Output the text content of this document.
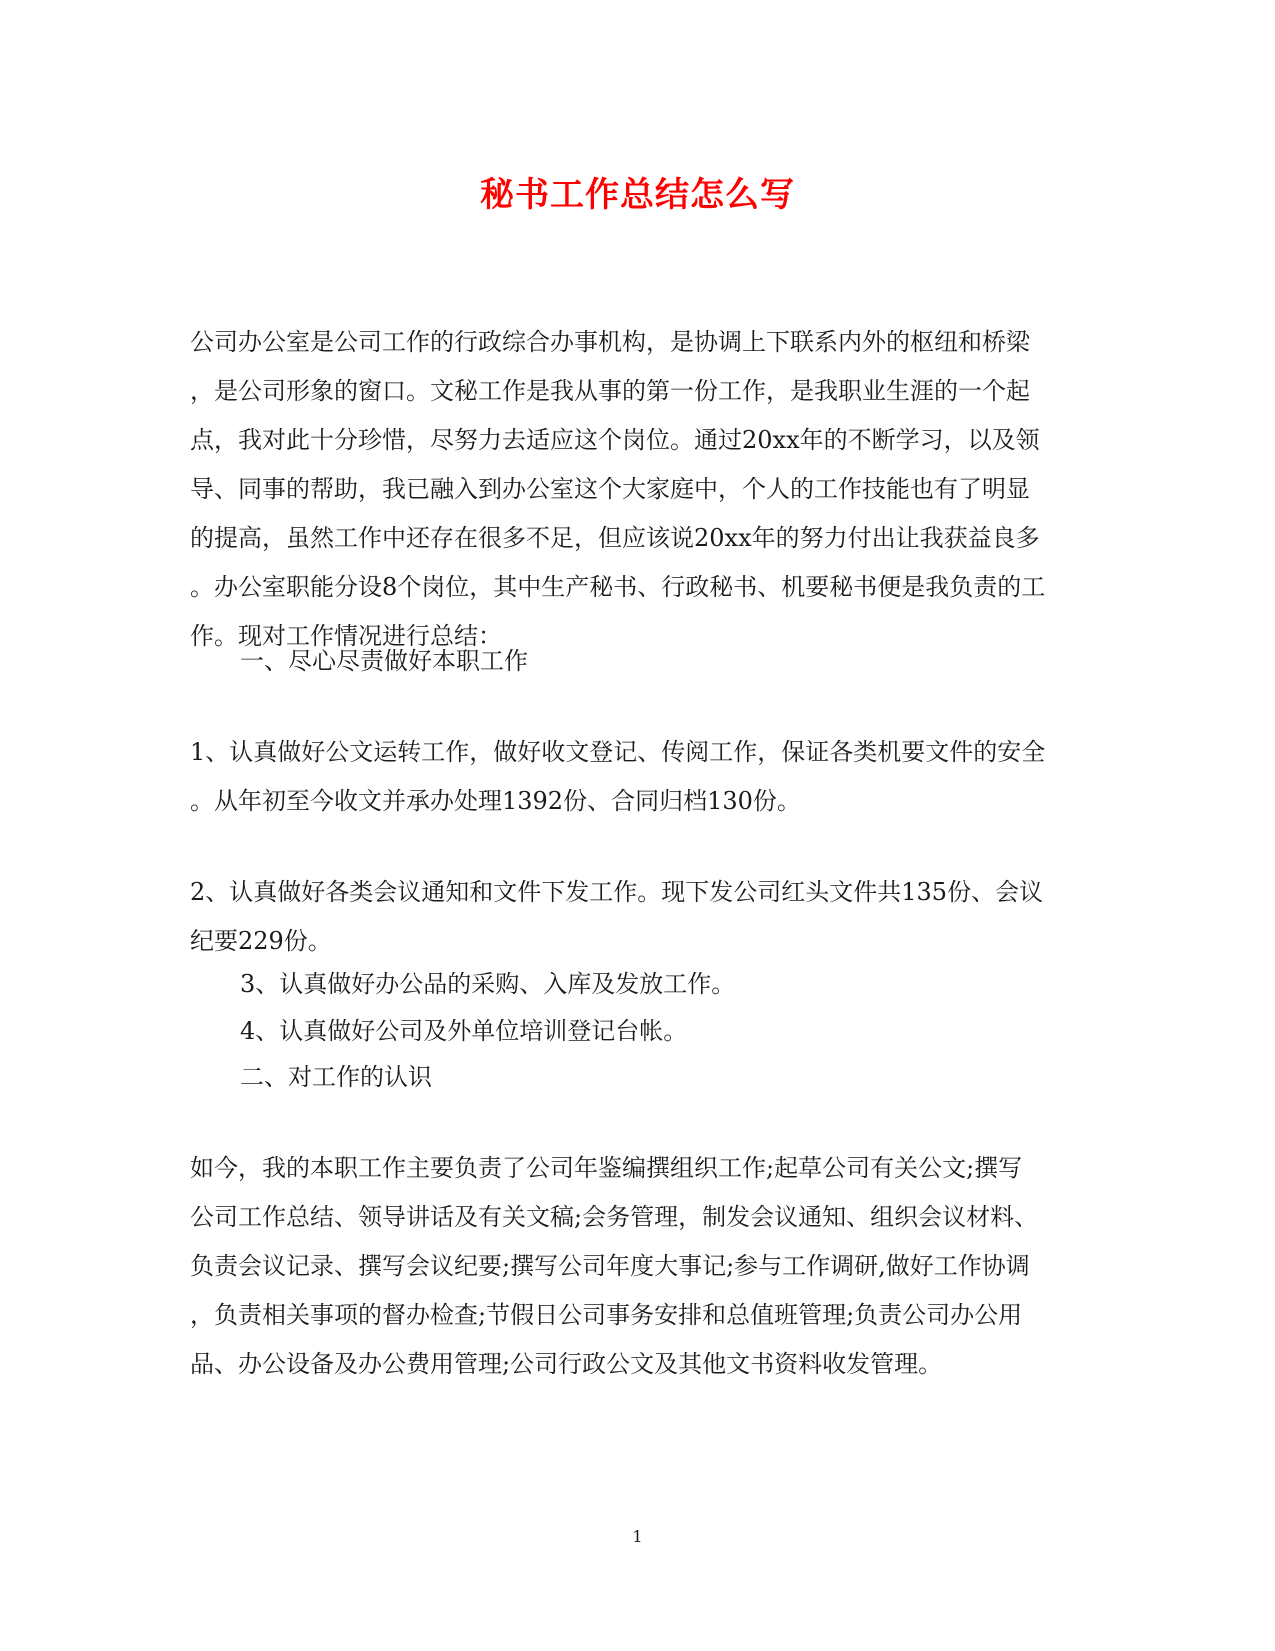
秘书工作总结怎么写
公司办公室是公司工作的行政综合办事机构，是协调上下联系内外的枢纽和桥梁
，是公司形象的窗口。文秘工作是我从事的第一份工作，是我职业生涯的一个起
点，我对此十分珍惜，尽努力去适应这个岗位。通过20xx年的不断学习，以及领
导、同事的帮助，我已融入到办公室这个大家庭中，个人的工作技能也有了明显
的提高，虽然工作中还存在很多不足，但应该说20xx年的努力付出让我获益良多
。办公室职能分设8个岗位，其中生产秘书、行政秘书、机要秘书便是我负责的工
作。现对工作情况进行总结：
一、尽心尽责做好本职工作
1、认真做好公文运转工作，做好收文登记、传阅工作，保证各类机要文件的安全
。从年初至今收文并承办处理1392份、合同归档130份。
2、认真做好各类会议通知和文件下发工作。现下发公司红头文件共135份、会议
纪要229份。
3、认真做好办公品的采购、入库及发放工作。
4、认真做好公司及外单位培训登记台帐。
二、对工作的认识
如今，我的本职工作主要负责了公司年鉴编撰组织工作;起草公司有关公文;撰写
公司工作总结、领导讲话及有关文稿;会务管理，制发会议通知、组织会议材料、
负责会议记录、撰写会议纪要;撰写公司年度大事记;参与工作调研,做好工作协调
，负责相关事项的督办检查;节假日公司事务安排和总值班管理;负责公司办公用
品、办公设备及办公费用管理;公司行政公文及其他文书资料收发管理。
1
